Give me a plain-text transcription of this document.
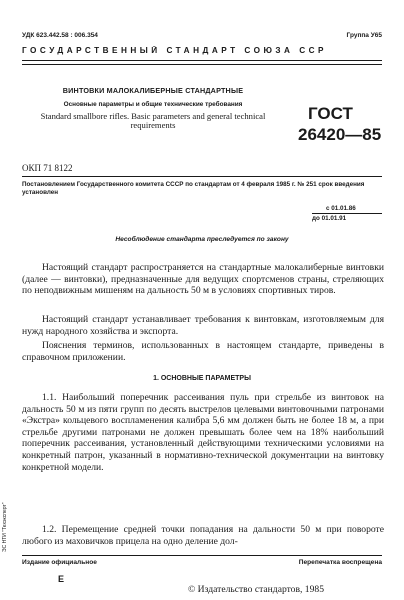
УДК 623.442.58 : 006.354	Группа У65
ГОСУДАРСТВЕННЫЙ СТАНДАРТ СОЮЗА ССР
ВИНТОВКИ МАЛОКАЛИБЕРНЫЕ СТАНДАРТНЫЕ
Основные параметры и общие технические требования
Standard smallbore rifles. Basic parameters and general technical requirements
ГОСТ
26420—85
ОКП 71 8122
Постановлением Государственного комитета СССР по стандартам от 4 февраля 1985 г. № 251 срок введения установлен
с 01.01.86
до 01.01.91
Несоблюдение стандарта преследуется по закону

Настоящий стандарт распространяется на стандартные малокалиберные винтовки (далее — винтовки), предназначенные для ведущих спортсменов страны, стреляющих по неподвижным мишеням на дальность 50 м в условиях спортивных тиров.

Настоящий стандарт устанавливает требования к винтовкам, изготовляемым для нужд народного хозяйства и экспорта.

Пояснения терминов, использованных в настоящем стандарте, приведены в справочном приложении.

1. ОСНОВНЫЕ ПАРАМЕТРЫ

1.1. Наибольший поперечник рассеивания пуль при стрельбе из винтовок на дальность 50 м из пяти групп по десять выстрелов целевыми винтовочными патронами «Экстра» кольцевого воспламенения калибра 5,6 мм должен быть не более 18 м, а при стрельбе другими патронами не должен превышать более чем на 18% наибольший поперечник рассеивания, установленный действующими техническими условиями на конкретный патрон, указанный в нормативно-технической документации на винтовку конкретной модели.

1.2. Перемещение средней точки попадания на дальности 50 м при повороте любого из маховичков прицела на одно деление дол-

ЭС НТИ "Техэксперт"
Издание официальное	Перепечатка воспрещена
Е
© Издательство стандартов, 1985
